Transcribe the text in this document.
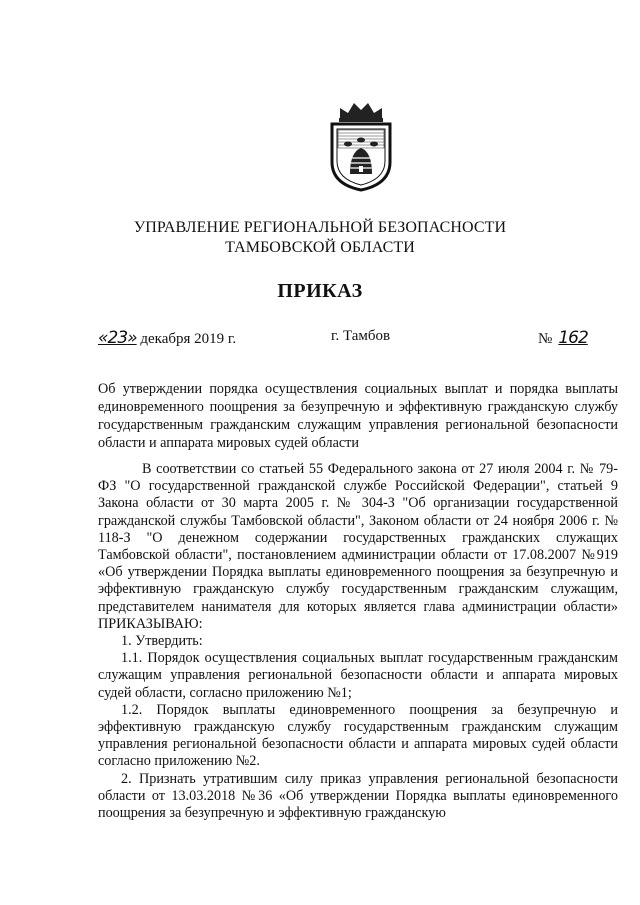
УПРАВЛЕНИЕ РЕГИОНАЛЬНОЙ БЕЗОПАСНОСТИ
ТАМБОВСКОЙ ОБЛАСТИ
ПРИКАЗ
«23» декабря 2019 г.	г. Тамбов	№ 162
Об утверждении порядка осуществления социальных выплат и порядка выплаты единовременного поощрения за безупречную и эффективную гражданскую службу государственным гражданским служащим управления региональной безопасности области и аппарата мировых судей области

В соответствии со статьей 55 Федерального закона от 27 июля 2004 г. № 79-ФЗ "О государственной гражданской службе Российской Федерации", статьей 9 Закона области от 30 марта 2005 г. № 304-З "Об организации государственной гражданской службы Тамбовской области", Законом области от 24 ноября 2006 г. № 118-З "О денежном содержании государственных гражданских служащих Тамбовской области", постановлением администрации области от 17.08.2007 №919 «Об утверждении Порядка выплаты единовременного поощрения за безупречную и эффективную гражданскую службу государственным гражданским служащим, представителем нанимателя для которых является глава администрации области» ПРИКАЗЫВАЮ:

1. Утвердить:

1.1. Порядок осуществления социальных выплат государственным гражданским служащим управления региональной безопасности области и аппарата мировых судей области, согласно приложению №1;

1.2. Порядок выплаты единовременного поощрения за безупречную и эффективную гражданскую службу государственным гражданским служащим управления региональной безопасности области и аппарата мировых судей области согласно приложению №2.

2. Признать утратившим силу приказ управления региональной безопасности области от 13.03.2018 №36 «Об утверждении Порядка выплаты единовременного поощрения за безупречную и эффективную гражданскую
